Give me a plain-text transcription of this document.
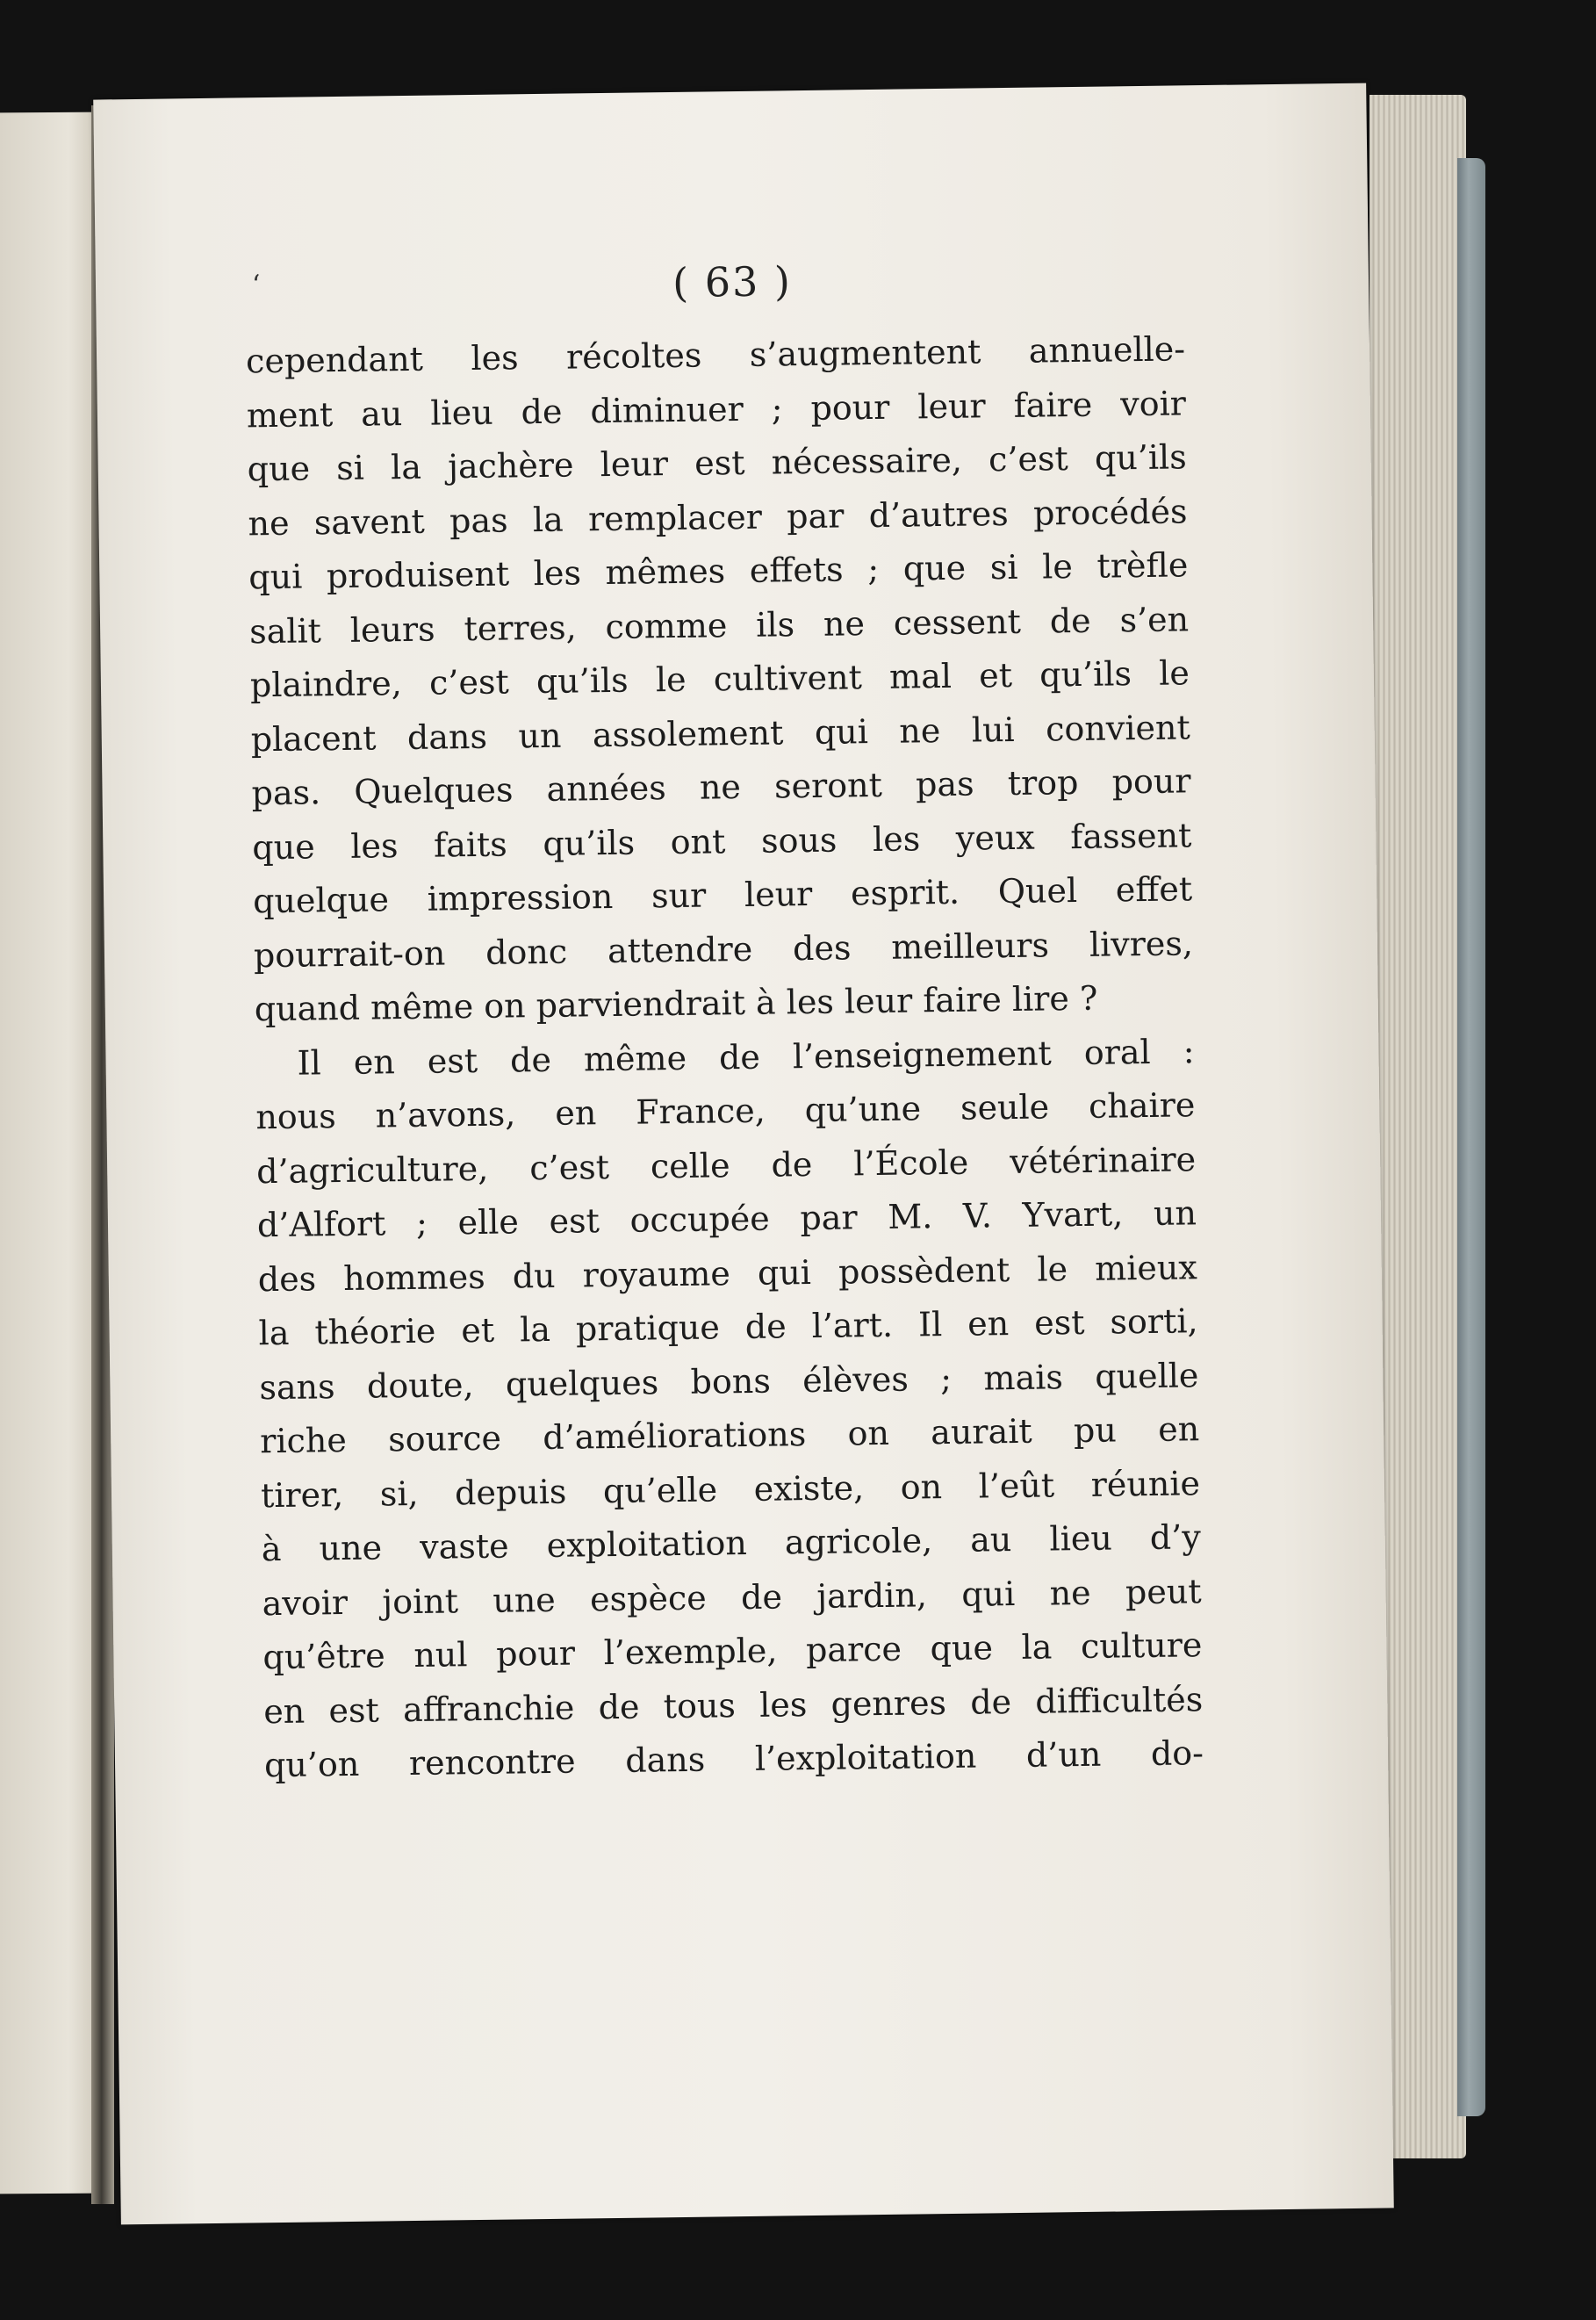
‘	( 63 )
cependant les récoltes s’augmentent annuelle-
ment au lieu de diminuer ; pour leur faire voir
que si la jachère leur est nécessaire, c’est qu’ils
ne savent pas la remplacer par d’autres procédés
qui produisent les mêmes effets ; que si le trèfle
salit leurs terres, comme ils ne cessent de s’en
plaindre, c’est qu’ils le cultivent mal et qu’ils le
placent dans un assolement qui ne lui convient
pas. Quelques années ne seront pas trop pour
que les faits qu’ils ont sous les yeux fassent
quelque impression sur leur esprit. Quel effet
pourrait-on donc attendre des meilleurs livres,
quand même on parviendrait à les leur faire lire ?
Il en est de même de l’enseignement oral :
nous n’avons, en France, qu’une seule chaire
d’agriculture, c’est celle de l’École vétérinaire
d’Alfort ; elle est occupée par M. V. Yvart, un
des hommes du royaume qui possèdent le mieux
la théorie et la pratique de l’art. Il en est sorti,
sans doute, quelques bons élèves ; mais quelle
riche source d’améliorations on aurait pu en
tirer, si, depuis qu’elle existe, on l’eût réunie
à une vaste exploitation agricole, au lieu d’y
avoir joint une espèce de jardin, qui ne peut
qu’être nul pour l’exemple, parce que la culture
en est affranchie de tous les genres de difficultés
qu’on rencontre dans l’exploitation d’un do-
